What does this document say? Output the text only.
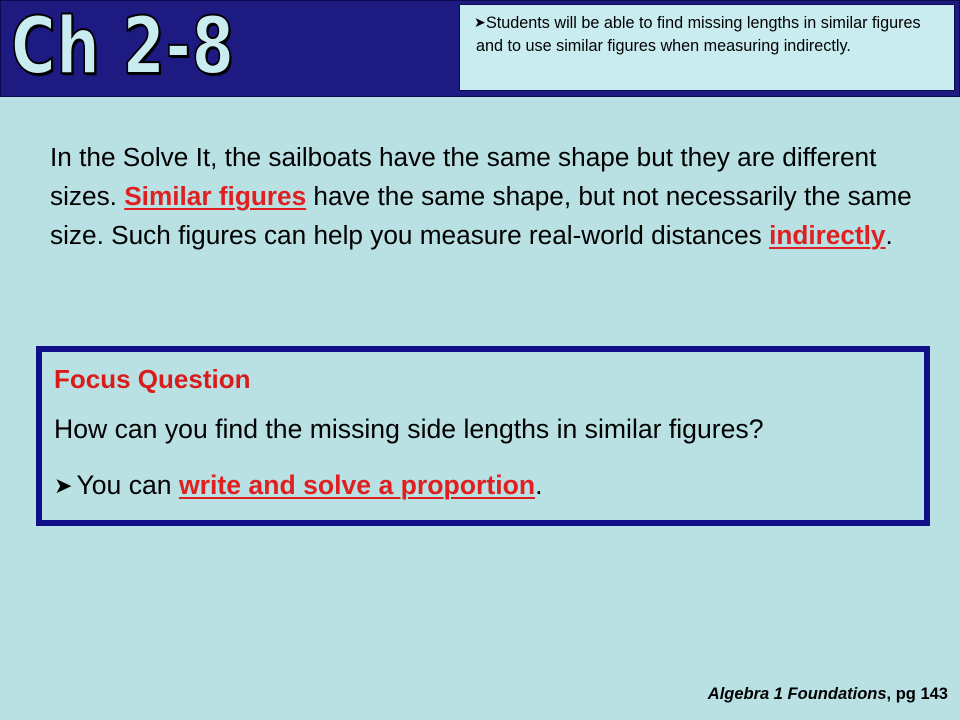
Ch 2-8	➤ Students will be able to find missing lengths in similar figures and to use similar figures when measuring indirectly.
In the Solve It, the sailboats have the same shape but they are different sizes. Similar figures have the same shape, but not necessarily the same size. Such figures can help you measure real-world distances indirectly.
Focus Question
How can you find the missing side lengths in similar figures?
➤ You can write and solve a proportion.
Algebra 1 Foundations, pg 143
